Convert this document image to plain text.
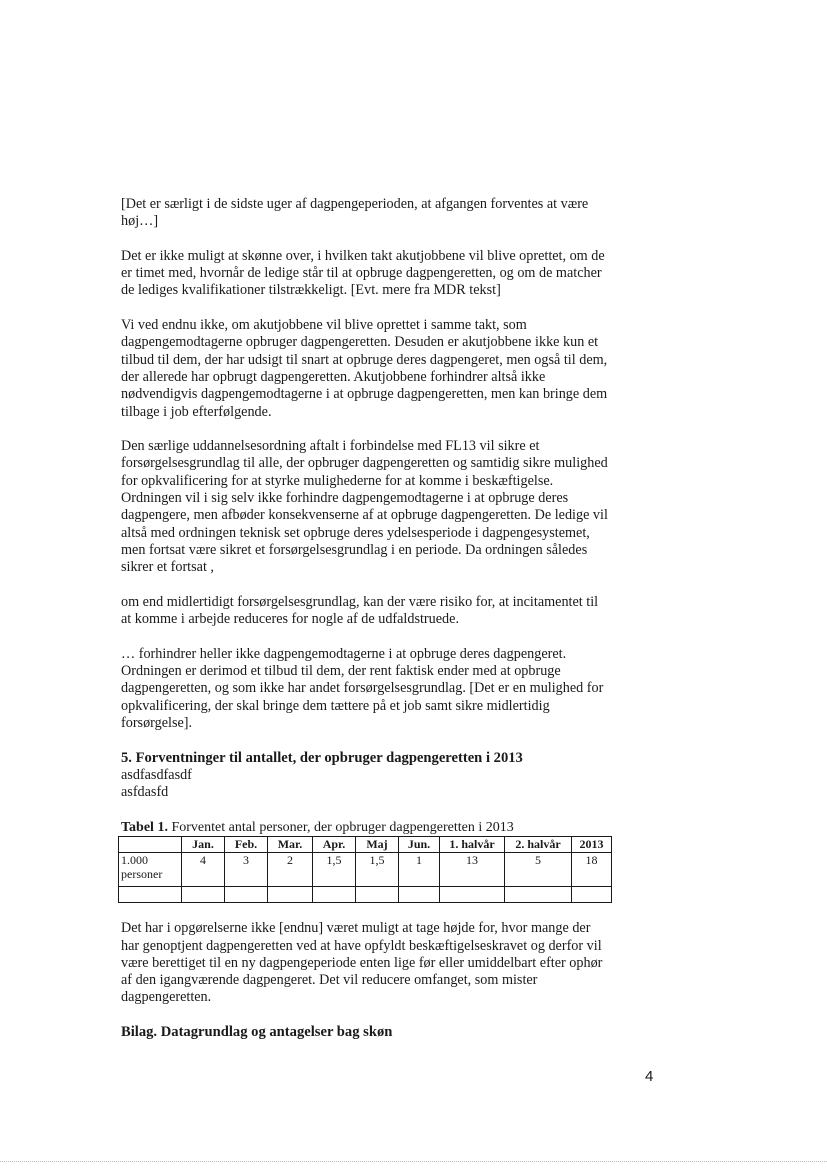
[Det er særligt i de sidste uger af dagpengeperioden, at afgangen forventes at være høj…]

Det er ikke muligt at skønne over, i hvilken takt akutjobbene vil blive oprettet, om de er timet med, hvornår de ledige står til at opbruge dagpengeretten, og om de matcher de lediges kvalifikationer tilstrækkeligt. [Evt. mere fra MDR tekst]

Vi ved endnu ikke, om akutjobbene vil blive oprettet i samme takt, som dagpengemodtagerne opbruger dagpengeretten. Desuden er akutjobbene ikke kun et tilbud til dem, der har udsigt til snart at opbruge deres dagpengeret, men også til dem, der allerede har opbrugt dagpengeretten. Akutjobbene forhindrer altså ikke nødvendigvis dagpengemodtagerne i at opbruge dagpengeretten, men kan bringe dem tilbage i job efterfølgende.

Den særlige uddannelsesordning aftalt i forbindelse med FL13 vil sikre et forsørgelsesgrundlag til alle, der opbruger dagpengeretten og samtidig sikre mulighed for opkvalificering for at styrke mulighederne for at komme i beskæftigelse. Ordningen vil i sig selv ikke forhindre dagpengemodtagerne i at opbruge deres dagpengere, men afbøder konsekvenserne af at opbruge dagpengeretten. De ledige vil altså med ordningen teknisk set opbruge deres ydelsesperiode i dagpengesystemet, men fortsat være sikret et forsørgelsesgrundlag i en periode. Da ordningen således sikrer et fortsat ,

om end midlertidigt forsørgelsesgrundlag, kan der være risiko for, at incitamentet til at komme i arbejde reduceres for nogle af de udfaldstruede.

… forhindrer heller ikke dagpengemodtagerne i at opbruge deres dagpengeret. Ordningen er derimod et tilbud til dem, der rent faktisk ender med at opbruge dagpengeretten, og som ikke har andet forsørgelsesgrundlag. [Det er en mulighed for opkvalificering, der skal bringe dem tættere på et job samt sikre midlertidig forsørgelse].

5. Forventninger til antallet, der opbruger dagpengeretten i 2013

asdfasdfasdf

asfdasfd

Tabel 1. Forventet antal personer, der opbruger dagpengeretten i 2013

	Jan.	Feb.	Mar.	Apr.	Maj	Jun.	1. halvår	2. halvår	2013
1.000 personer	4	3	2	1,5	1,5	1	13	5	18

Det har i opgørelserne ikke [endnu] været muligt at tage højde for, hvor mange der har genoptjent dagpengeretten ved at have opfyldt beskæftigelseskravet og derfor vil være berettiget til en ny dagpengeperiode enten lige før eller umiddelbart efter ophør af den igangværende dagpengeret. Det vil reducere omfanget, som mister dagpengeretten.

Bilag. Datagrundlag og antagelser bag skøn

4
